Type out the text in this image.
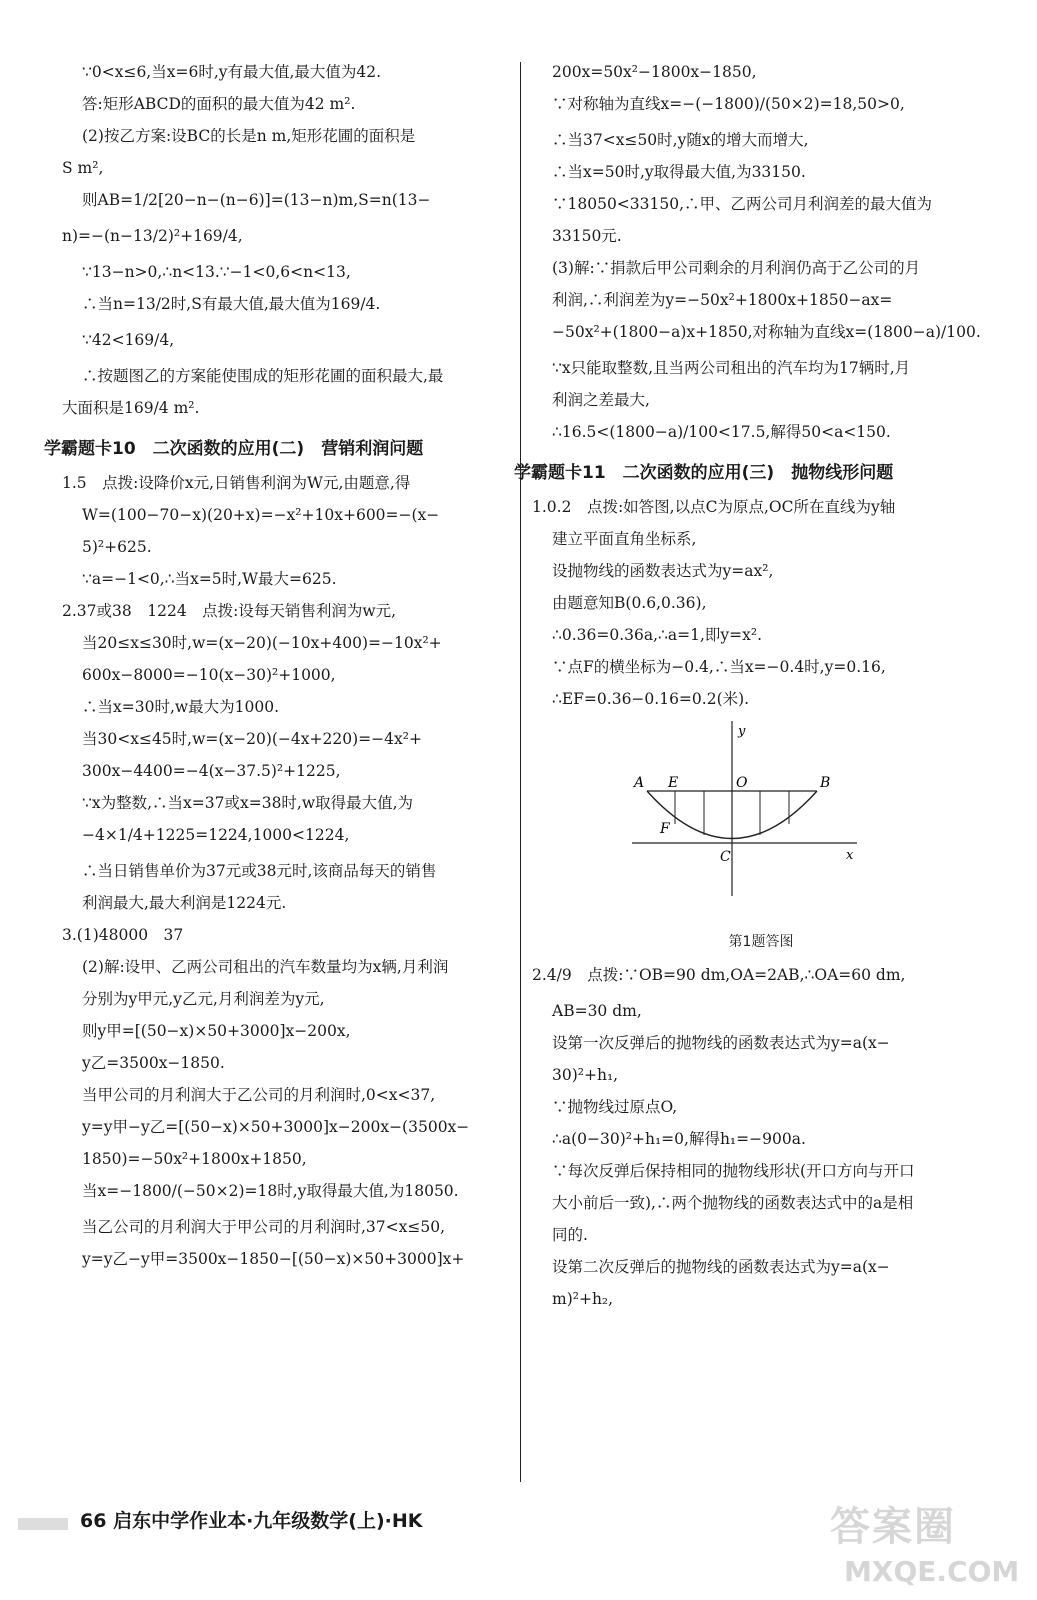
∵0<x≤6,当x=6时,y有最大值,最大值为42.
答:矩形ABCD的面积的最大值为42 m².
(2)按乙方案:设BC的长是n m,矩形花圃的面积是
S m²,
则AB=1/2[20−n−(n−6)]=(13−n)m,S=n(13−
n)=−(n−13/2)²+169/4,
∵13−n>0,∴n<13.∵−1<0,6<n<13,
∴当n=13/2时,S有最大值,最大值为169/4.
∵42<169/4,
∴按题图乙的方案能使围成的矩形花圃的面积最大,最
大面积是169/4 m².
学霸题卡10　二次函数的应用(二)　营销利润问题
1.5　点拨:设降价x元,日销售利润为W元,由题意,得
W=(100−70−x)(20+x)=−x²+10x+600=−(x−
5)²+625.
∵a=−1<0,∴当x=5时,W最大=625.
2.37或38　1224　点拨:设每天销售利润为w元,
当20≤x≤30时,w=(x−20)(−10x+400)=−10x²+
600x−8000=−10(x−30)²+1000,
∴当x=30时,w最大为1000.
当30<x≤45时,w=(x−20)(−4x+220)=−4x²+
300x−4400=−4(x−37.5)²+1225,
∵x为整数,∴当x=37或x=38时,w取得最大值,为
−4×1/4+1225=1224,1000<1224,
∴当日销售单价为37元或38元时,该商品每天的销售
利润最大,最大利润是1224元.
3.(1)48000　37
(2)解:设甲、乙两公司租出的汽车数量均为x辆,月利润
分别为y甲元,y乙元,月利润差为y元,
则y甲=[(50−x)×50+3000]x−200x,
y乙=3500x−1850.
当甲公司的月利润大于乙公司的月利润时,0<x<37,
y=y甲−y乙=[(50−x)×50+3000]x−200x−(3500x−
1850)=−50x²+1800x+1850,
当x=−1800/(−50×2)=18时,y取得最大值,为18050.
当乙公司的月利润大于甲公司的月利润时,37<x≤50,
y=y乙−y甲=3500x−1850−[(50−x)×50+3000]x+
200x=50x²−1800x−1850,
∵对称轴为直线x=−(−1800)/(50×2)=18,50>0,
∴当37<x≤50时,y随x的增大而增大,
∴当x=50时,y取得最大值,为33150.
∵18050<33150,∴甲、乙两公司月利润差的最大值为
33150元.
(3)解:∵捐款后甲公司剩余的月利润仍高于乙公司的月
利润,∴利润差为y=−50x²+1800x+1850−ax=
−50x²+(1800−a)x+1850,对称轴为直线x=(1800−a)/100.
∵x只能取整数,且当两公司租出的汽车均为17辆时,月
利润之差最大,
∴16.5<(1800−a)/100<17.5,解得50<a<150.
学霸题卡11　二次函数的应用(三)　抛物线形问题
1.0.2　点拨:如答图,以点C为原点,OC所在直线为y轴
建立平面直角坐标系,
设抛物线的函数表达式为y=ax²,
由题意知B(0.6,0.36),
∴0.36=0.36a,∴a=1,即y=x².
∵点F的横坐标为−0.4,∴当x=−0.4时,y=0.16,
∴EF=0.36−0.16=0.2(米).
y
x
A E	O	B
F
C
第1题答图
2.4/9　点拨:∵OB=90 dm,OA=2AB,∴OA=60 dm,
AB=30 dm,
设第一次反弹后的抛物线的函数表达式为y=a(x−
30)²+h₁,
∵抛物线过原点O,
∴a(0−30)²+h₁=0,解得h₁=−900a.
∵每次反弹后保持相同的抛物线形状(开口方向与开口
大小前后一致),∴两个抛物线的函数表达式中的a是相
同的.
设第二次反弹后的抛物线的函数表达式为y=a(x−
m)²+h₂,
66 启东中学作业本·九年级数学(上)·HK	答案圈
MXQE.COM
